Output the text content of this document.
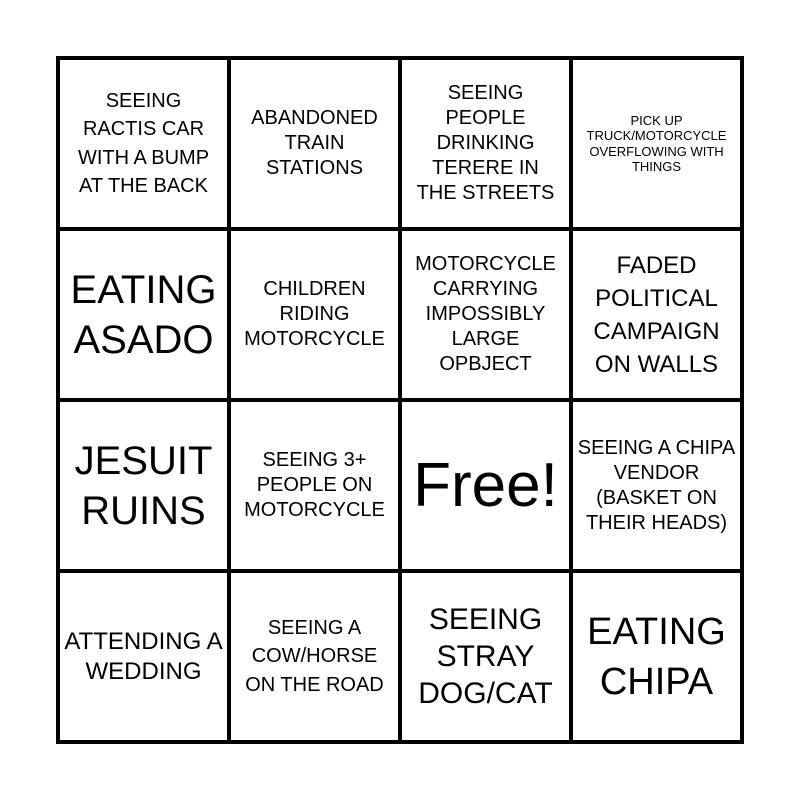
SEEING RACTIS CAR WITH A BUMP AT THE BACK
ABANDONED TRAIN STATIONS
SEEING PEOPLE DRINKING TERERE IN THE STREETS
PICK UP TRUCK/MOTORCYCLE OVERFLOWING WITH THINGS
EATING ASADO
CHILDREN RIDING MOTORCYCLE
MOTORCYCLE CARRYING IMPOSSIBLY LARGE OPBJECT
FADED POLITICAL CAMPAIGN ON WALLS
JESUIT RUINS
SEEING 3+ PEOPLE ON MOTORCYCLE Free!
SEEING A CHIPA VENDOR (BASKET ON THEIR HEADS)
ATTENDING A WEDDING
SEEING A COW/HORSE ON THE ROAD
SEEING STRAY DOG/CAT
EATING CHIPA
